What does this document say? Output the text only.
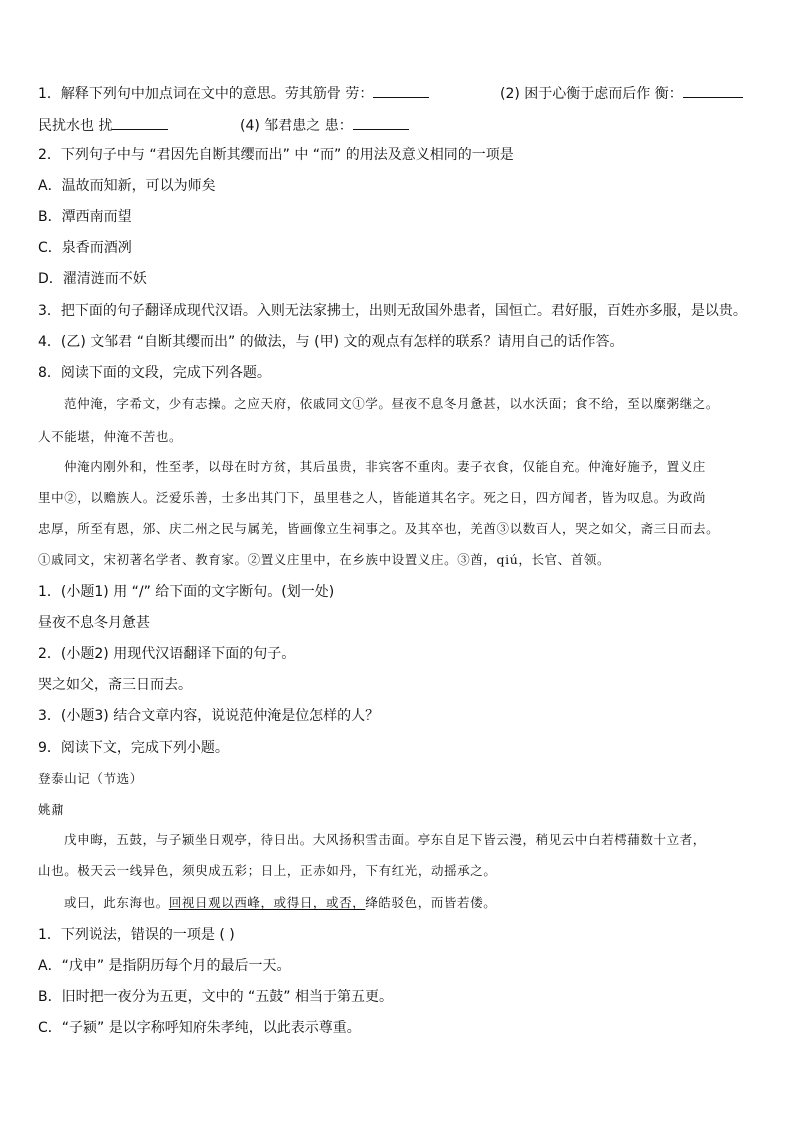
1．解释下列句中加点词在文中的意思。劳其筋骨 劳：	(2) 困于心衡于虑而后作 衡：
民扰水也 扰	(4) 邹君患之 患：
2．下列句子中与 “君因先自断其缨而出” 中 “而” 的用法及意义相同的一项是
A．温故而知新，可以为师矣
B．潭西南而望
C．泉香而酒冽
D．濯清涟而不妖
3．把下面的句子翻译成现代汉语。入则无法家拂士，出则无敌国外患者，国恒亡。君好服，百姓亦多服，是以贵。
4．(乙) 文邹君 “自断其缨而出” 的做法，与 (甲) 文的观点有怎样的联系？请用自己的话作答。
8．阅读下面的文段，完成下列各题。
范仲淹，字希文，少有志操。之应天府，依戚同文①学。昼夜不息冬月惫甚，以水沃面；食不给，至以糜粥继之。
人不能堪，仲淹不苦也。
仲淹内刚外和，性至孝，以母在时方贫，其后虽贵，非宾客不重肉。妻子衣食，仅能自充。仲淹好施予，置义庄
里中②，以赡族人。泛爱乐善，士多出其门下，虽里巷之人，皆能道其名字。死之日，四方闻者，皆为叹息。为政尚
忠厚，所至有恩，邠、庆二州之民与属羌，皆画像立生祠事之。及其卒也，羌酋③以数百人，哭之如父，斋三日而去。
①戚同文，宋初著名学者、教育家。②置义庄里中，在乡族中设置义庄。③酋，qiú，长官、首领。
1．(小题1) 用 “/” 给下面的文字断句。(划一处)
昼夜不息冬月惫甚
2．(小题2) 用现代汉语翻译下面的句子。
哭之如父，斋三日而去。
3．(小题3) 结合文章内容，说说范仲淹是位怎样的人？
9．阅读下文，完成下列小题。
登泰山记（节选）
姚鼐
戊申晦，五鼓，与子颍坐日观亭，待日出。大风扬积雪击面。亭东自足下皆云漫，稍见云中白若樗蒱数十立者，
山也。极天云一线异色，须臾成五彩；日上，正赤如丹，下有红光，动摇承之。
或曰，此东海也。回视日观以西峰，或得日，或否，绛皓驳色，而皆若偻。
1．下列说法，错误的一项是 ( )
A．“戊申” 是指阴历每个月的最后一天。
B．旧时把一夜分为五更，文中的 “五鼓” 相当于第五更。
C．“子颍” 是以字称呼知府朱孝纯，以此表示尊重。
